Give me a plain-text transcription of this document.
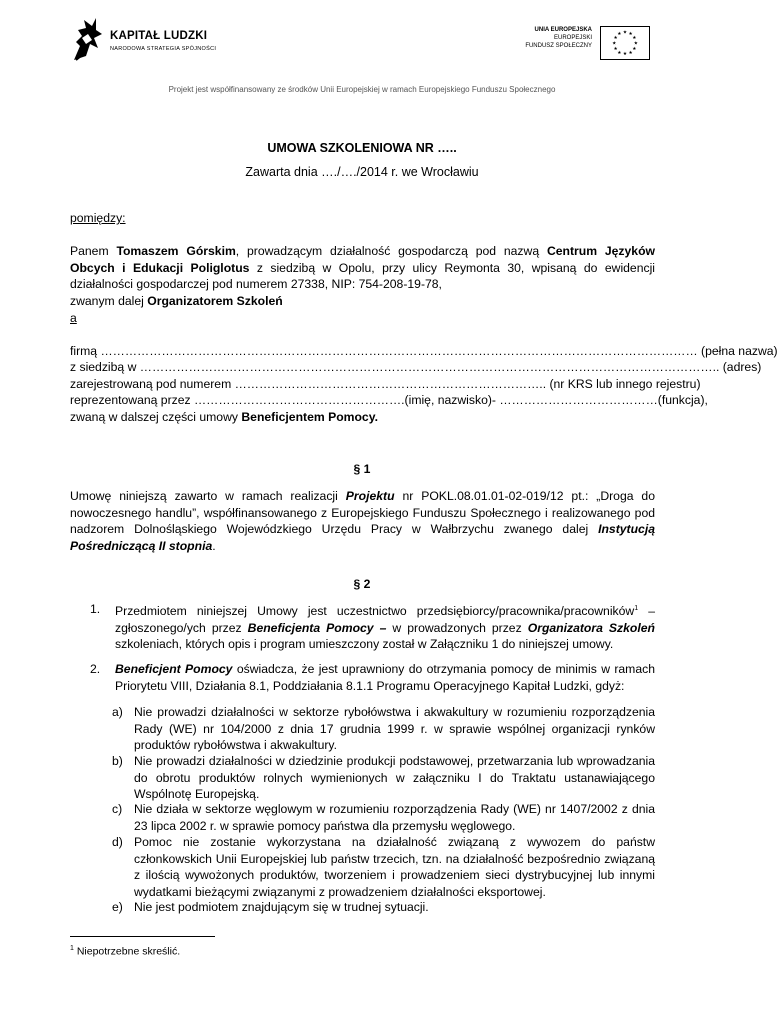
KAPITAŁ LUDZKI
NARODOWA STRATEGIA SPÓJNOŚCI
UNIA EUROPEJSKA
EUROPEJSKI
FUNDUSZ SPOŁECZNY
★ ★
★
★
★
★
★
★
★
★
★
★
Projekt jest współfinansowany ze środków Unii Europejskiej w ramach Europejskiego Funduszu Społecznego
UMOWA SZKOLENIOWA NR …..
Zawarta dnia …./…./2014 r. we Wrocławiu
pomiędzy:
Panem Tomaszem Górskim, prowadzącym działalność gospodarczą pod nazwą Centrum Języków Obcych i Edukacji Poliglotus z siedzibą w Opolu, przy ulicy Reymonta 30, wpisaną do ewidencji działalności gospodarczej pod numerem 27338, NIP: 754-208-19-78,
zwanym dalej Organizatorem Szkoleń
a
firmą ………………………………………………………………………………………………………………………………… (pełna nazwa)
z siedzibą w …………………………………………………………………………………………………………………………….. (adres)
zarejestrowaną pod numerem ………………………………………………………………….. (nr KRS lub innego rejestru)
reprezentowaną przez …………………………………………….(imię, nazwisko)- …………………………………(funkcja),
zwaną w dalszej części umowy Beneficjentem Pomocy.
§ 1
Umowę niniejszą zawarto w ramach realizacji Projektu nr POKL.08.01.01-02-019/12 pt.: „Droga do nowoczesnego handlu”, współfinansowanego z Europejskiego Funduszu Społecznego i realizowanego pod nadzorem Dolnośląskiego Wojewódzkiego Urzędu Pracy w Wałbrzychu zwanego dalej Instytucją Pośredniczącą II stopnia.
§ 2
1. Przedmiotem niniejszej Umowy jest uczestnictwo przedsiębiorcy/pracownika/pracowników$^1$ – zgłoszonego/ych przez Beneficjenta Pomocy – w prowadzonych przez Organizatora Szkoleń szkoleniach, których opis i program umieszczony został w Załączniku 1 do niniejszej umowy.
2. Beneficjent Pomocy oświadcza, że jest uprawniony do otrzymania pomocy de minimis w ramach Priorytetu VIII, Działania 8.1, Poddziałania 8.1.1 Programu Operacyjnego Kapitał Ludzki, gdyż:
a) Nie prowadzi działalności w sektorze rybołówstwa i akwakultury w rozumieniu rozporządzenia Rady (WE) nr 104/2000 z dnia 17 grudnia 1999 r. w sprawie wspólnej organizacji rynków produktów rybołówstwa i akwakultury.
b) Nie prowadzi działalności w dziedzinie produkcji podstawowej, przetwarzania lub wprowadzania do obrotu produktów rolnych wymienionych w załączniku I do Traktatu ustanawiającego Wspólnotę Europejską.
c) Nie działa w sektorze węglowym w rozumieniu rozporządzenia Rady (WE) nr 1407/2002 z dnia 23 lipca 2002 r. w sprawie pomocy państwa dla przemysłu węglowego.
d) Pomoc nie zostanie wykorzystana na działalność związaną z wywozem do państw członkowskich Unii Europejskiej lub państw trzecich, tzn. na działalność bezpośrednio związaną z ilością wywożonych produktów, tworzeniem i prowadzeniem sieci dystrybucyjnej lub innymi wydatkami bieżącymi związanymi z prowadzeniem działalności eksportowej.
e) Nie jest podmiotem znajdującym się w trudnej sytuacji.
$^1$ Niepotrzebne skreślić.
